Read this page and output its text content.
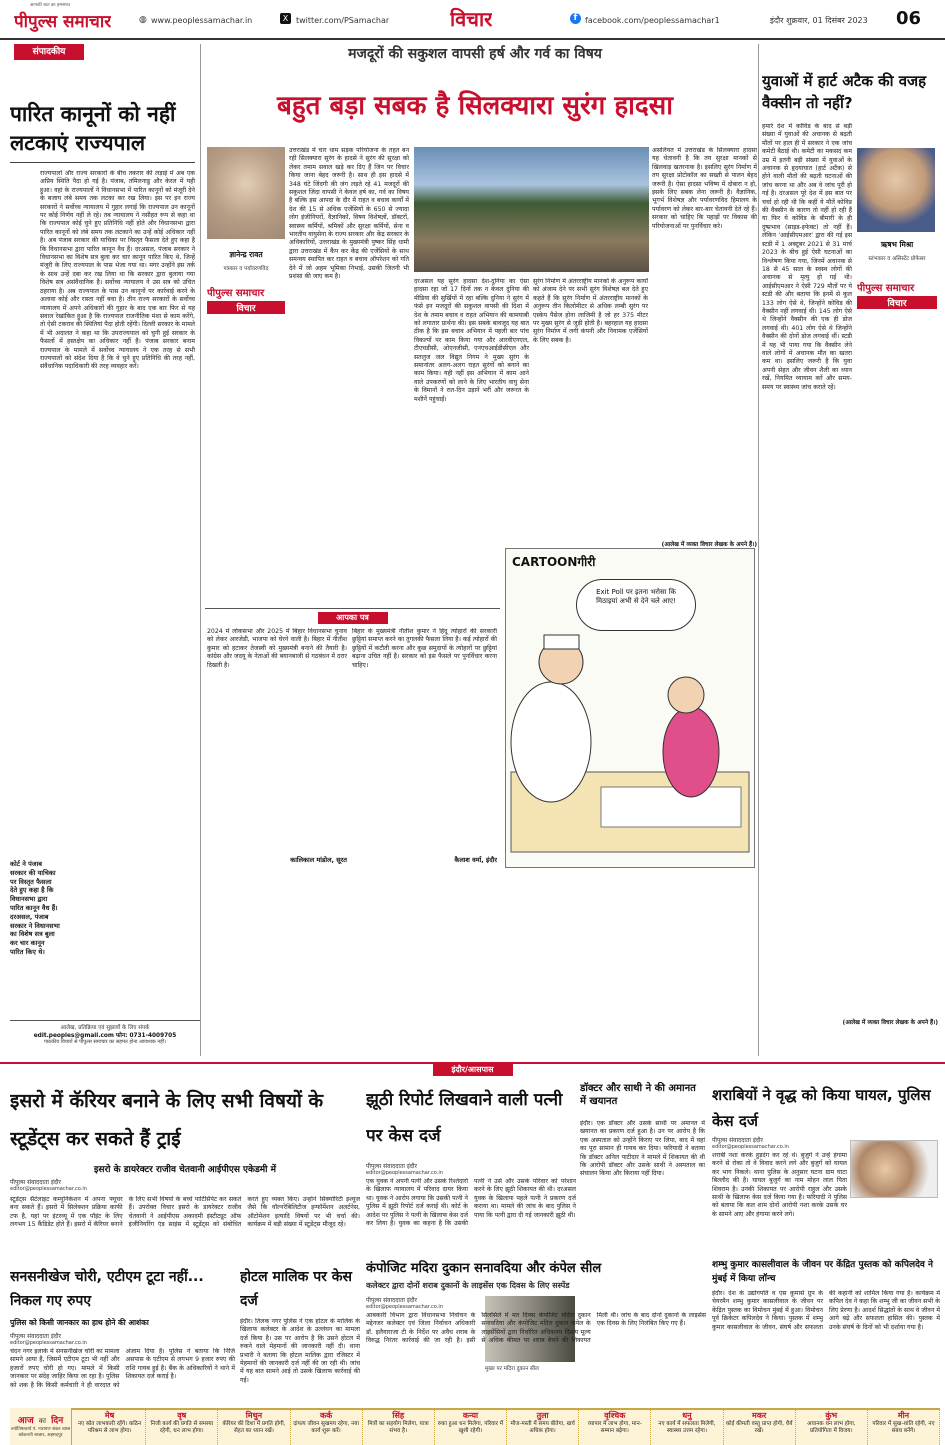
पीपुल्स समाचार
आपकी बात का हमसफर
◍ www.peoplessamachar.in	X twitter.com/PSamachar	विचार	f facebook.com/peoplessamachar1	इंदौर शुक्रवार, 01 दिसंबर 2023 06
संपादकीय
पारित कानूनों को नहीं लटकाएं राज्यपाल
राज्यपालों और राज्य सरकारों के बीच तकरार की लड़ाई में अब एक अप्रिय स्थिति पैदा हो गई है। पंजाब, तमिलनाडु और केरल में यही हुआ। वहां के राज्यपालों ने विधानसभा में पारित कानूनों को मंजूरी देने के बजाय लंबे समय तक लटका कर रख लिया। इस पर इन राज्य सरकारों ने सर्वोच्च न्यायालय में गुहार लगाई कि राज्यपाल उन कानूनों पर कोई निर्णय नहीं ले रहे। तब न्यायालय ने नसीहत रूप से कहा था कि राज्यपाल कोई चुने हुए प्रतिनिधि नहीं होते और विधानसभा द्वारा पारित कानूनों को लंबे समय तक लटकाने का उन्हें कोई अधिकार नहीं है। अब पंजाब सरकार की याचिका पर विस्तृत फैसला देते हुए कहा है कि विधानसभा द्वारा पारित कानून वैध हैं। दरअसल, पंजाब सरकार ने विधानसभा का विशेष सत्र बुला कर चार कानून पारित किए थे, जिन्हें मंजूरी के लिए राज्यपाल के पास भेजा गया था। मगर उन्होंने इस तर्क के साथ उन्हें दबा कर रख लिया था कि सरकार द्वारा बुलाया गया विशेष सत्र असंवैधानिक है। सर्वोच्च न्यायालय ने उस सत्र को उचित ठहराया है। अब राज्यपाल के पास उन कानूनों पर कार्रवाई करने के अलावा कोई और रास्ता नहीं बचा है। तीन राज्य सरकारों के सर्वोच्च न्यायालय में अपने अधिकारों की गुहार के बाद एक बार फिर से यह सवाल रेखांकित हुआ है कि राज्यपाल राजनीतिक मंशा से काम करेंगे, तो ऐसी टकराव की स्थितियां पैदा होती रहेंगी। दिल्ली सरकार के मामले में भी अदालत ने कहा था कि उपराज्यपाल को चुनी हुई सरकार के फैसलों में हस्तक्षेप का अधिकार नहीं है। पंजाब सरकार बनाम राज्यपाल के मामले में सर्वोच्च न्यायालय ने एक तरह से सभी राज्यपालों को संदेश दिया है कि वे चुने हुए प्रतिनिधि की तरह नहीं, संवैधानिक पदाधिकारी की तरह व्यवहार करें।
कोर्ट ने पंजाब सरकार की याचिका पर विस्तृत फैसला देते हुए कहा है कि विधानसभा द्वारा पारित कानून वैध हैं। दरअसल, पंजाब सरकार ने विधानसभा का विशेष सत्र बुला कर चार कानून पारित किए थे।
आलेख, प्रतिक्रिया एवं सुझावों के लिए संपर्क
edit.peoples@gmail.com फोन: 0731-4009705
पाठकीय विचारों से पीपुल्स समाचार का सहमत होना आवश्यक नहीं।
मजदूरों की सकुशल वापसी हर्ष और गर्व का विषय
बहुत बड़ा सबक है सिलक्यारा सुरंग हादसा
ज्ञानेन्द्र रावत
पत्रकार व पर्यावरणविद
पीपुल्स समाचार
विचार
उत्तराखंड में चार धाम सड़क परियोजना के तहत बन रही सिलक्यारा सुरंग के हादसे ने सुरंग की सुरक्षा को लेकर तमाम सवाल खड़े कर दिए हैं जिन पर विचार किया जाना बेहद जरूरी है। साथ ही इस हादसे में 348 घंटे जिंदगी की जंग लड़ते रहे 41 मजदूरों की सकुशल जिंदा वापसी ने केवल हर्ष का, गर्व का विषय है बल्कि इस आपदा के दौर में राहत व बचाव कार्यों में देश की 15 से अधिक एजेंसियों के 650 से ज्यादा लोग इंजीनियरों, वैज्ञानिकों, विषय विशेषज्ञों, डॉक्टरों, स्वास्थ्य कर्मियों, श्रमिकों और सुरक्षा कर्मियों, सेना व भारतीय वायुसेना के राज्य सरकार और केंद्र सरकार के अधिकारियों, उत्तराखंड के मुख्यमंत्री पुष्कर सिंह धामी द्वारा उत्तराखंड में कैंप कर केंद्र की एजेंसियों के साथ समन्वय स्थापित कर राहत व बचाव ऑपरेशन को गति देने में जो अहम भूमिका निभाई, उसकी जितनी भी प्रशंसा की जाए कम है।
दरअसल यह सुरंग हादसा देश-दुनिया का ऐसा हादसा रहा जो 17 दिनों तक न केवल दुनिया की मीडिया की सुर्खियों में रहा बल्कि दुनिया ने सुरंग में फंसे इन मजदूरों की सकुशल वापसी की दिशा में देश के तमाम बचाव व राहत अभियान की कामयाबी को लगातार प्रार्थना की। इस सबके बावजूद यह बात ठीक है कि इस बचाव अभियान में पहली बार पांच विकल्पों पर काम किया गया और आरवीएनएल, टीएचडीसी, ओएनजीसी, एनएचआईडीसीएल और सतलुज जल विद्युत निगम ने मुख्य सुरंग के समानांतर अलग-अलग राहत सुरंगों को बनाने का काम किया। यही नहीं इस अभियान में काम आने वाले उपकरणों को लाने के लिए भारतीय वायु सेना के विमानों ने रात-दिन उड़ानें भरीं और जरूरत के मशीनें पहुंचाईं।
सुरंग निर्माण में अंतरराष्ट्रीय मानकों के अनुरूप कार्यों को अंजाम देने पर सभी सुरंग विशेषज्ञ बल देते हुए कहते हैं कि सुरंग निर्माण में अंतरराष्ट्रीय मानकों के अनुरूप तीन किलोमीटर से अधिक लम्बी सुरंग पर एस्केप पैसेज होना लाजिमी है जो हर 375 मीटर पर मुख्य सुरंग से जुड़ी होती है। बहरहाल यह हादसा सुरंग निर्माण में लगी कंपनी और नियामक एजेंसियों के लिए सबक है।
असलियत में उत्तराखंड के सिलक्यारा हादसा यह चेतावनी है कि तय सुरक्षा मानकों से खिलवाड़ खतरनाक है। इसलिए सुरंग निर्माण में तय सुरक्षा प्रोटोकॉल का सख्ती से पालन बेहद जरूरी है। ऐसा हादसा भविष्य में दोबारा न हो, इसके लिए सबक लेना जरूरी है। वैज्ञानिक, भूगर्भ विशेषज्ञ और पर्यावरणविद हिमालय के पर्यावरण को लेकर बार-बार चेतावनी देते रहे हैं। सरकार को चाहिए कि पहाड़ों पर विकास की परियोजनाओं पर पुनर्विचार करे।
(आलेख में व्यक्त विचार लेखक के अपने हैं।)
युवाओं में हार्ट अटैक की वजह वैक्सीन तो नहीं?
हमारे देश में कोविड के बाद से बड़ी संख्या में युवाओं की अचानक से बढ़ती मौतों पर हाल ही में सरकार ने एक जांच कमेटी बैठाई थी। कमेटी का मकसद कम उम्र में इतनी बड़ी संख्या में युवाओं के अचानक से हृदयाघात (हार्ट अटैक) से होने वाली मौतों की बढ़ती घटनाओं की जांच करना था और अब वे जांच पूरी हो गई है। दरअसल पूरे देश में इस बात पर चर्चा हो रही थी कि कहीं ये मौतें कोविड की वैक्सीन के कारण तो नहीं हो रही हैं या फिर ये कोविड के बीमारी के ही दुष्प्रभाव (साइड-इफेक्ट) तो नहीं हैं। लेकिन 'आईसीएमआर' द्वारा की गई इस स्टडी में 1 अक्टूबर 2021 से 31 मार्च 2023 के बीच हुई ऐसी घटनाओं का विश्लेषण किया गया, जिनमें अचानक से 18 से 45 साल के स्वस्थ लोगों की अचानक से मृत्यु हो गई थी। आईसीएमआर ने ऐसी 729 मौतों पर ये स्टडी की और बताया कि इनमें से कुल 133 लोग ऐसे थे, जिन्होंने कोविड की वैक्सीन नहीं लगवाई थी। 145 लोग ऐसे थे जिन्होंने वैक्सीन की एक ही डोज लगवाई थी। 401 लोग ऐसे थे जिन्होंने वैक्सीन की दोनों डोज लगवाई थीं। स्टडी में यह भी पाया गया कि वैक्सीन लेने वाले लोगों में अचानक मौत का खतरा कम था। इसलिए जरूरी है कि युवा अपनी सेहत और जीवन शैली का ध्यान रखें, नियमित व्यायाम करें और समय-समय पर स्वास्थ्य जांच कराते रहें।
ऋषभ मिश्रा
स्तंभकार व असिस्टेंट प्रोफेसर
पीपुल्स समाचार
विचार
(आलेख में व्यक्त विचार लेखक के अपने हैं।)
आपका पत्र
2024 में लोकसभा और 2025 में बिहार विधानसभा चुनाव को लेकर आरजेडी, भाजपा को घेरने वाली है। बिहार में नीतीश कुमार को हटाकर तेजस्वी को मुख्यमंत्री बनाने की तैयारी है। कांग्रेस और जदयू के नेताओं की बयानबाजी से गठबंधन में दरार दिखती है।
कालिकाल मांडोल, सूरत
बिहार के मुख्यमंत्री नीतीश कुमार ने हिंदू त्योहारों की सरकारी छुट्टियां समाप्त करने का तुगलकी फैसला लिया है। कई त्योहारों की छुट्टियों में कटौती करना और कुछ समुदायों के त्योहारों पर छुट्टियां बढ़ाना उचित नहीं है। सरकार को इस फैसले पर पुनर्विचार करना चाहिए।
कैलाश वर्मा, इंदौर
CARTOONगीरी
Exit Poll पर इतना भरोसा कि मिठाइयां अभी से देने चले आए!
इंदौर/आसपास
इसरो में कॅरियर बनाने के लिए सभी विषयों के स्टूडेंट्स कर सकते हैं ट्राई
इसरो के डायरेक्टर राजीव चेतवानी आईपीएस एकेडमी में
पीपुल्स संवाददाता इंदौर
editor@peoplessamachar.co.in
स्टूडेंट्स सैटेलाइट कम्युनिकेशन में अपना फ्यूचर बना सकते हैं। इसरो में सिलेक्शन प्रक्रिया काफी टफ है, यहां पर इंटरव्यू में एक पॉइंट के लिए लगभग 15 कैंडिडेट होते हैं। इसरो में कॅरियर बनाने के लिए सभी विषयों के बच्चे पार्टिसिपेट कर सकते हैं। उपरोक्त विचार इसरो के डायरेक्टर राजीव चेतवानी ने आईपीएस अकादमी इंस्टीट्यूट ऑफ इंजीनियरिंग एंड साइंस में स्टूडेंट्स को संबोधित करते हुए व्यक्त किए। उन्होंने सिक्योरिटी इश्यूज जैसे कि वॉल्नरेबिलिटीज इन्फॉर्मेशन अलर्टनेस, ऑटोमेशन इत्यादि विषयों पर भी चर्चा की। कार्यक्रम में बड़ी संख्या में स्टूडेंट्स मौजूद रहे।
सनसनीखेज चोरी, एटीएम टूटा नहीं... निकल गए रुपए
पुलिस को किसी जानकार का हाथ होने की आशंका
पीपुल्स संवाददाता इंदौर
editor@peoplessamachar.co.in
चंदन नगर इलाके में सनसनीखेज चोरी का मामला सामने आया है, जिसमें एटीएम टूटा भी नहीं और हजारों रुपए चोरी हो गए। मामले में किसी जानकार पर संदेह जाहिर किया जा रहा है। पुलिस को शक है कि किसी कर्मचारी ने ही वारदात को अंजाम दिया है। पुलिस ने बताया कि निजि असपास के एटीएम से लगभग 9 हजार रुपए की राशि गायब हुई है। बैंक के अधिकारियों ने थाने में शिकायत दर्ज कराई है।
होटल मालिक पर केस दर्ज
इंदौर। तिलक नगर पुलिस ने एक होटल के मालिक के खिलाफ कलेक्टर के आदेश के उल्लंघन का मामला दर्ज किया है। उस पर आरोप है कि उसने होटल में रुकने वाले मेहमानों की जानकारी नहीं दी। थाना प्रभारी ने बताया कि होटल मालिक द्वारा रजिस्टर में मेहमानों की जानकारी दर्ज नहीं की जा रही थी। जांच में यह बात सामने आई तो उसके खिलाफ कार्रवाई की गई।
झूठी रिपोर्ट लिखवाने वाली पत्नी पर केस दर्ज
पीपुल्स संवाददाता इंदौर
editor@peoplessamachar.co.in
एक युवक ने अपनी पत्नी और उसके रिश्तेदारों के खिलाफ न्यायालय में परिवाद दायर किया था। युवक ने आरोप लगाया कि उसकी पत्नी ने पुलिस में झूठी रिपोर्ट दर्ज कराई थी। कोर्ट के आदेश पर पुलिस ने पत्नी के खिलाफ केस दर्ज कर लिया है। युवक का कहना है कि उसकी पत्नी ने उसे और उसके परिवार को परेशान करने के लिए झूठी शिकायत की थी। दरअसल युवक के खिलाफ पहले पत्नी ने प्रकरण दर्ज कराया था। मामले की जांच के बाद पुलिस ने पाया कि पत्नी द्वारा दी गई जानकारी झूठी थी।
डॉक्टर और साथी ने की अमानत में खयानत
इंदौर। एक डॉक्टर और उसके साथी पर अमानत में खयानत का प्रकरण दर्ज हुआ है। उन पर आरोप है कि एक अस्पताल को उन्होंने किराए पर लिया, बाद में वहां का पूरा सामान ही गायब कर दिया। फरियादी ने बताया कि डॉक्टर अनिल पाटीदार ने मामले में शिकायत की थी कि आरोपी डॉक्टर और उसके साथी ने अस्पताल का संचालन किया और किराया नहीं दिया।
शराबियों ने वृद्ध को किया घायल, पुलिस केस दर्ज
पीपुल्स संवाददाता इंदौर
editor@peoplessamachar.co.in
शराबी नशा करके हुड़दंग कर रहे थे। बुजुर्ग ने उन्हें हंगामा करने से रोका तो वे विवाद करने लगे और बुजुर्ग को घायल कर भाग निकले। थाना पुलिस के अनुसार घटना ग्राम घाटा बिल्लौद की है। घायल बुजुर्ग का नाम मोहन लाल पिता शिवराम है। उनकी शिकायत पर आरोपी राहुल और उसके साथी के खिलाफ केस दर्ज किया गया है। फरियादी ने पुलिस को बताया कि कल शाम दोनों आरोपी नशा करके उसके घर के सामने आए और हंगामा करने लगे।
कंपोजिट मदिरा दुकान सनावदिया और कंपेल सील
कलेक्टर द्वारा दोनों शराब दुकानों के लाइसेंस एक दिवस के लिए सस्पेंड
पीपुल्स संवाददाता इंदौर
editor@peoplessamachar.co.in
मुख्य पर मदिरा दुकान सील
आबकारी विभाग द्वारा विधानसभा निर्वाचन के मद्देनजर कलेक्टर एवं जिला निर्वाचन अधिकारी डॉ. इलैयाराजा टी के निर्देश पर अवैध शराब के विरुद्ध निरंतर कार्रवाई की जा रही है। इसी सिलसिले में मत दिवस कंपोजिट मदिरा दुकान सनावदिया और कंपोजिट मदिरा दुकान कंपेल के लाइसेंसियों द्वारा निर्धारित अधिकतम विक्रय मूल्य से अधिक कीमत पर शराब बेचने की शिकायत मिली थी। जांच के बाद दोनों दुकानों के लाइसेंस एक दिवस के लिए निलंबित किए गए हैं।
शम्भु कुमार कासलीवाल के जीवन पर केंद्रित पुस्तक को कपिलदेव ने मुंबई में किया लॉन्च
इंदौर। देश के उद्योगपति व एस कुमार्स ग्रुप के चेयरमैन शम्भु कुमार कासलीवाल के जीवन पर केंद्रित पुस्तक का विमोचन मुंबई में हुआ। विमोचन पूर्व क्रिकेटर कपिलदेव ने किया। पुस्तक में शम्भु कुमार कासलीवाल के जीवन, संघर्ष और सफलता की कहानी को शामिल किया गया है। कार्यक्रम में कपिल देव ने कहा कि शम्भु जी का जीवन सभी के लिए प्रेरणा है। आदर्श सिद्धांतों के साथ वे जीवन में आगे बढ़े और सफलता हासिल की। पुस्तक में उनके संघर्ष के दिनों को भी दर्शाया गया है।
आज का दिन
ज्योतिषाचार्य पं. नारायण शंकर व्यास
कोकनती बाजार, अहमदपुर
मेष
नए स्रोत लाभकारी रहेंगे। कठिन परिश्रम से लाभ होगा।
वृष
निजी कार्य की प्रगति से समस्या रहेगी, धन लाभ होगा।
मिथुन
कॅरियर की दिशा में प्रगति होगी, सेहत का ध्यान रखें।
कर्क
दांपत्य जीवन सुखमय रहेगा, नया कार्य शुरू करें।
सिंह
मित्रों का सहयोग मिलेगा, यात्रा संभव है।
कन्या
रुका हुआ धन मिलेगा, परिवार में खुशी रहेगी।
तुला
मौज-मस्ती में समय बीतेगा, खर्च अधिक होगा।
वृश्चिक
व्यापार में लाभ होगा, मान-सम्मान बढ़ेगा।
धनु
नए कार्य में सफलता मिलेगी, स्वास्थ्य उत्तम रहेगा।
मकर
कोई कीमती वस्तु प्राप्त होगी, धैर्य रखें।
कुंभ
अचानक धन लाभ होगा, प्रतियोगिता में विजय।
मीन
परिवार में सुख-शांति रहेगी, नए संबंध बनेंगे।
